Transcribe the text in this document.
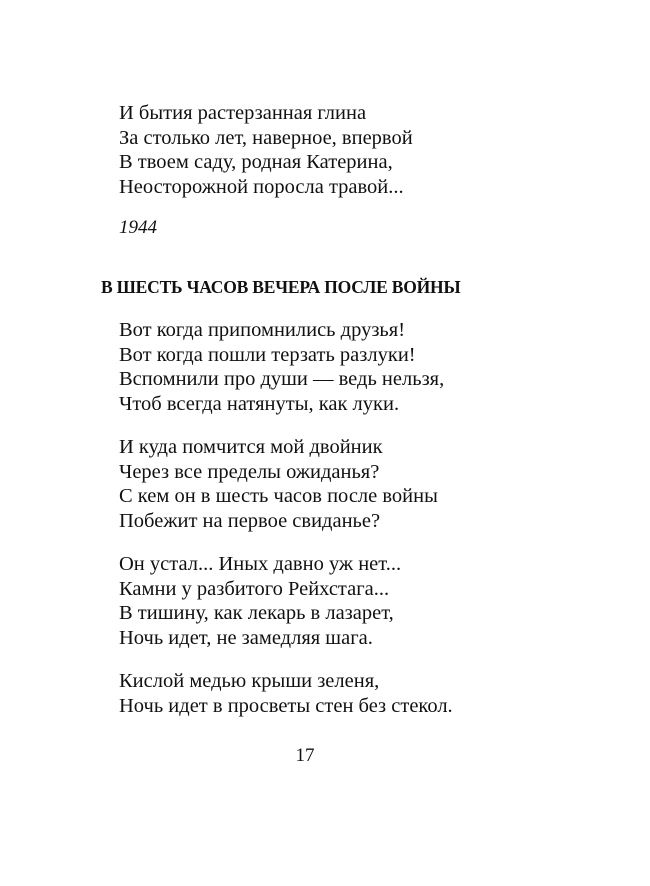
И бытия растерзанная глина
За столько лет, наверное, впервой
В твоем саду, родная Катерина,
Неосторожной поросла травой...
1944
В ШЕСТЬ ЧАСОВ ВЕЧЕРА ПОСЛЕ ВОЙНЫ
Вот когда припомнились друзья!
Вот когда пошли терзать разлуки!
Вспомнили про души — ведь нельзя,
Чтоб всегда натянуты, как луки.
И куда помчится мой двойник
Через все пределы ожиданья?
С кем он в шесть часов после войны
Побежит на первое свиданье?
Он устал... Иных давно уж нет...
Камни у разбитого Рейхстага...
В тишину, как лекарь в лазарет,
Ночь идет, не замедляя шага.
Кислой медью крыши зеленя,
Ночь идет в просветы стен без стекол.
17
